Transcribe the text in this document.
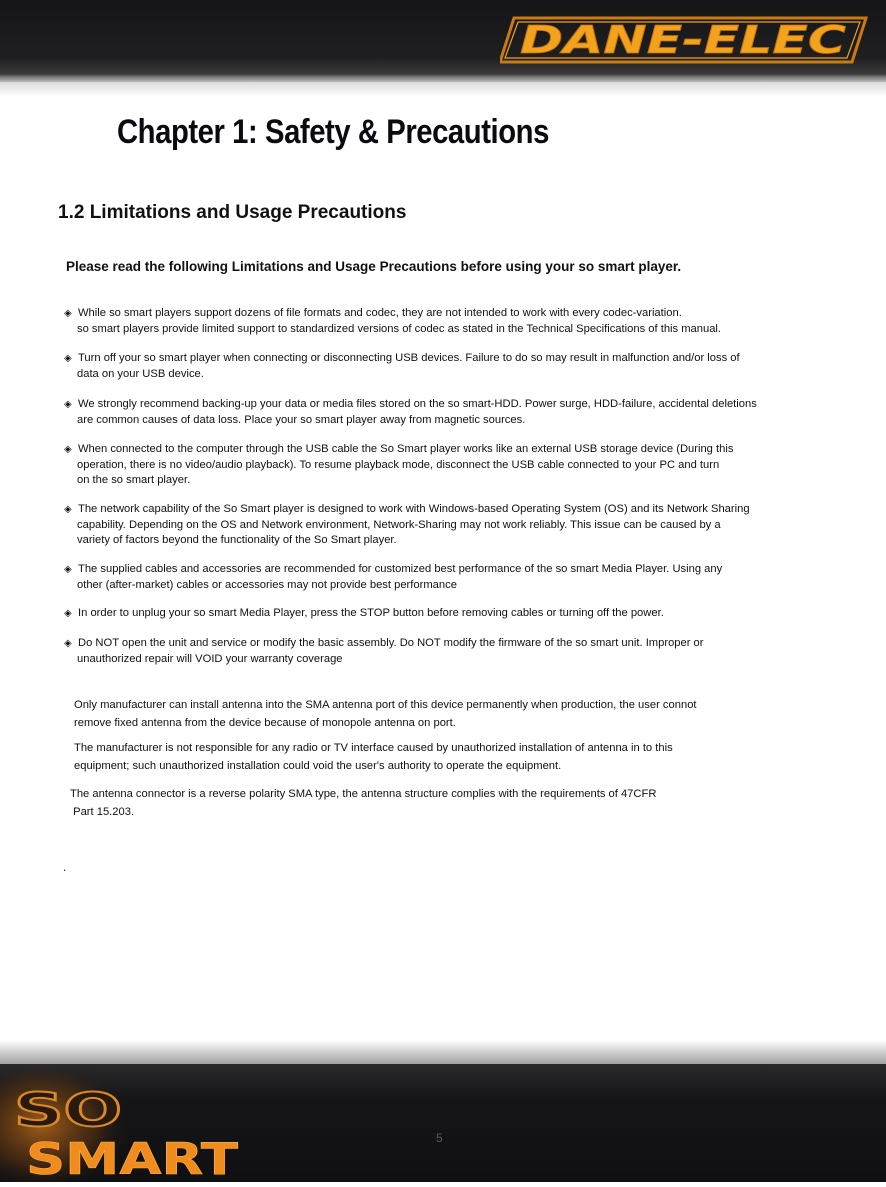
DANE-ELEC
Chapter 1: Safety & Precautions
1.2 Limitations and Usage Precautions

Please read the following Limitations and Usage Precautions before using your so smart player.

◈ While so smart players support dozens of file formats and codec, they are not intended to work with every codec-variation.
so smart players provide limited support to standardized versions of codec as stated in the Technical Specifications of this manual.
◈ Turn off your so smart player when connecting or disconnecting USB devices. Failure to do so may result in malfunction and/or loss of
data on your USB device.
◈ We strongly recommend backing-up your data or media files stored on the so smart-HDD. Power surge, HDD-failure, accidental deletions
are common causes of data loss. Place your so smart player away from magnetic sources.
◈ When connected to the computer through the USB cable the So Smart player works like an external USB storage device (During this
operation, there is no video/audio playback). To resume playback mode, disconnect the USB cable connected to your PC and turn
on the so smart player.
◈ The network capability of the So Smart player is designed to work with Windows-based Operating System (OS) and its Network Sharing
capability. Depending on the OS and Network environment, Network-Sharing may not work reliably. This issue can be caused by a
variety of factors beyond the functionality of the So Smart player.
◈ The supplied cables and accessories are recommended for customized best performance of the so smart Media Player. Using any
other (after-market) cables or accessories may not provide best performance
◈ In order to unplug your so smart Media Player, press the STOP button before removing cables or turning off the power.
◈ Do NOT open the unit and service or modify the basic assembly. Do NOT modify the firmware of the so smart unit. Improper or
unauthorized repair will VOID your warranty coverage
Only manufacturer can install antenna into the SMA antenna port of this device permanently when production, the user connot
remove fixed antenna from the device because of monopole antenna on port.
The manufacturer is not responsible for any radio or TV interface caused by unauthorized installation of antenna in to this
equipment; such unauthorized installation could void the user's authority to operate the equipment.
The antenna connector is a reverse polarity SMA type, the antenna structure complies with the requirements of 47CFR
Part 15.203.
.
SO
SMART	5
